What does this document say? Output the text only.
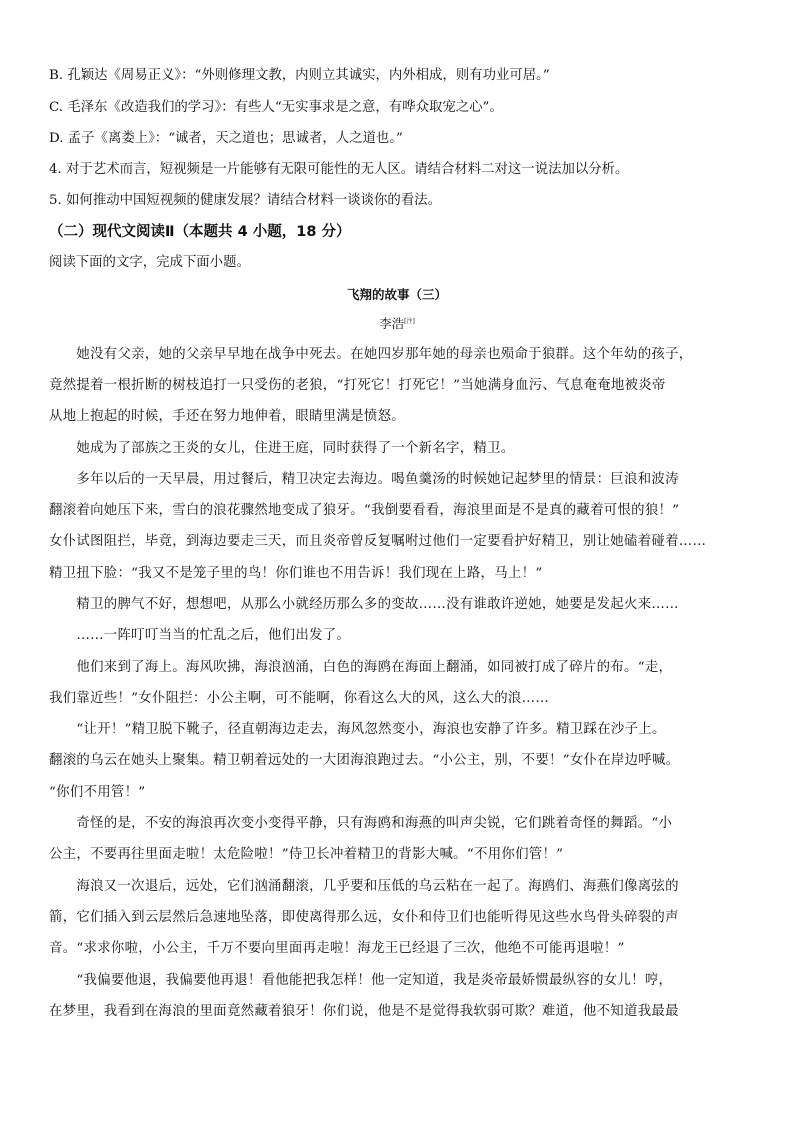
B. 孔颖达《周易正义》：“外则修理文教，内则立其诚实，内外相成，则有功业可居。”
C. 毛泽东《改造我们的学习》：有些人“无实事求是之意，有哗众取宠之心”。
D. 孟子《离娄上》：“诚者，天之道也；思诚者，人之道也。”
4. 对于艺术而言，短视频是一片能够有无限可能性的无人区。请结合材料二对这一说法加以分析。
5. 如何推动中国短视频的健康发展？请结合材料一谈谈你的看法。
（二）现代文阅读Ⅱ（本题共 4 小题，18 分）
阅读下面的文字，完成下面小题。
飞翔的故事（三）
李浩[注]
　　她没有父亲，她的父亲早早地在战争中死去。在她四岁那年她的母亲也殒命于狼群。这个年幼的孩子，
竟然提着一根折断的树枝追打一只受伤的老狼，“打死它！打死它！”当她满身血污、气息奄奄地被炎帝
从地上抱起的时候，手还在努力地伸着，眼睛里满是愤怒。
　　她成为了部族之王炎的女儿，住进王庭，同时获得了一个新名字，精卫。
　　多年以后的一天早晨，用过餐后，精卫决定去海边。喝鱼羹汤的时候她记起梦里的情景：巨浪和波涛
翻滚着向她压下来，雪白的浪花骤然地变成了狼牙。“我倒要看看，海浪里面是不是真的藏着可恨的狼！”
女仆试图阻拦，毕竟，到海边要走三天，而且炎帝曾反复嘱咐过他们一定要看护好精卫，别让她磕着碰着……
精卫扭下脸：“我又不是笼子里的鸟！你们谁也不用告诉！我们现在上路，马上！”
　　精卫的脾气不好，想想吧，从那么小就经历那么多的变故……没有谁敢许逆她，她要是发起火来……
　　……一阵叮叮当当的忙乱之后，他们出发了。
　　他们来到了海上。海风吹拂，海浪汹涌，白色的海鸥在海面上翻涌，如同被打成了碎片的布。“走，
我们靠近些！”女仆阻拦：小公主啊，可不能啊，你看这么大的风，这么大的浪……
　　“让开！”精卫脱下靴子，径直朝海边走去，海风忽然变小，海浪也安静了许多。精卫踩在沙子上。
翻滚的乌云在她头上聚集。精卫朝着远处的一大团海浪跑过去。“小公主，别，不要！”女仆在岸边呼喊。
“你们不用管！”
　　奇怪的是，不安的海浪再次变小变得平静，只有海鸥和海燕的叫声尖锐，它们跳着奇怪的舞蹈。“小
公主，不要再往里面走啦！太危险啦！”侍卫长冲着精卫的背影大喊。“不用你们管！”
　　海浪又一次退后，远处，它们汹涌翻滚，几乎要和压低的乌云粘在一起了。海鸥们、海燕们像离弦的
箭，它们插入到云层然后急速地坠落，即使离得那么远，女仆和侍卫们也能听得见这些水鸟骨头碎裂的声
音。“求求你啦，小公主，千万不要向里面再走啦！海龙王已经退了三次，他绝不可能再退啦！”
　　“我偏要他退，我偏要他再退！看他能把我怎样！他一定知道，我是炎帝最娇惯最纵容的女儿！哼，
在梦里，我看到在海浪的里面竟然藏着狼牙！你们说，他是不是觉得我软弱可欺？难道，他不知道我最最
